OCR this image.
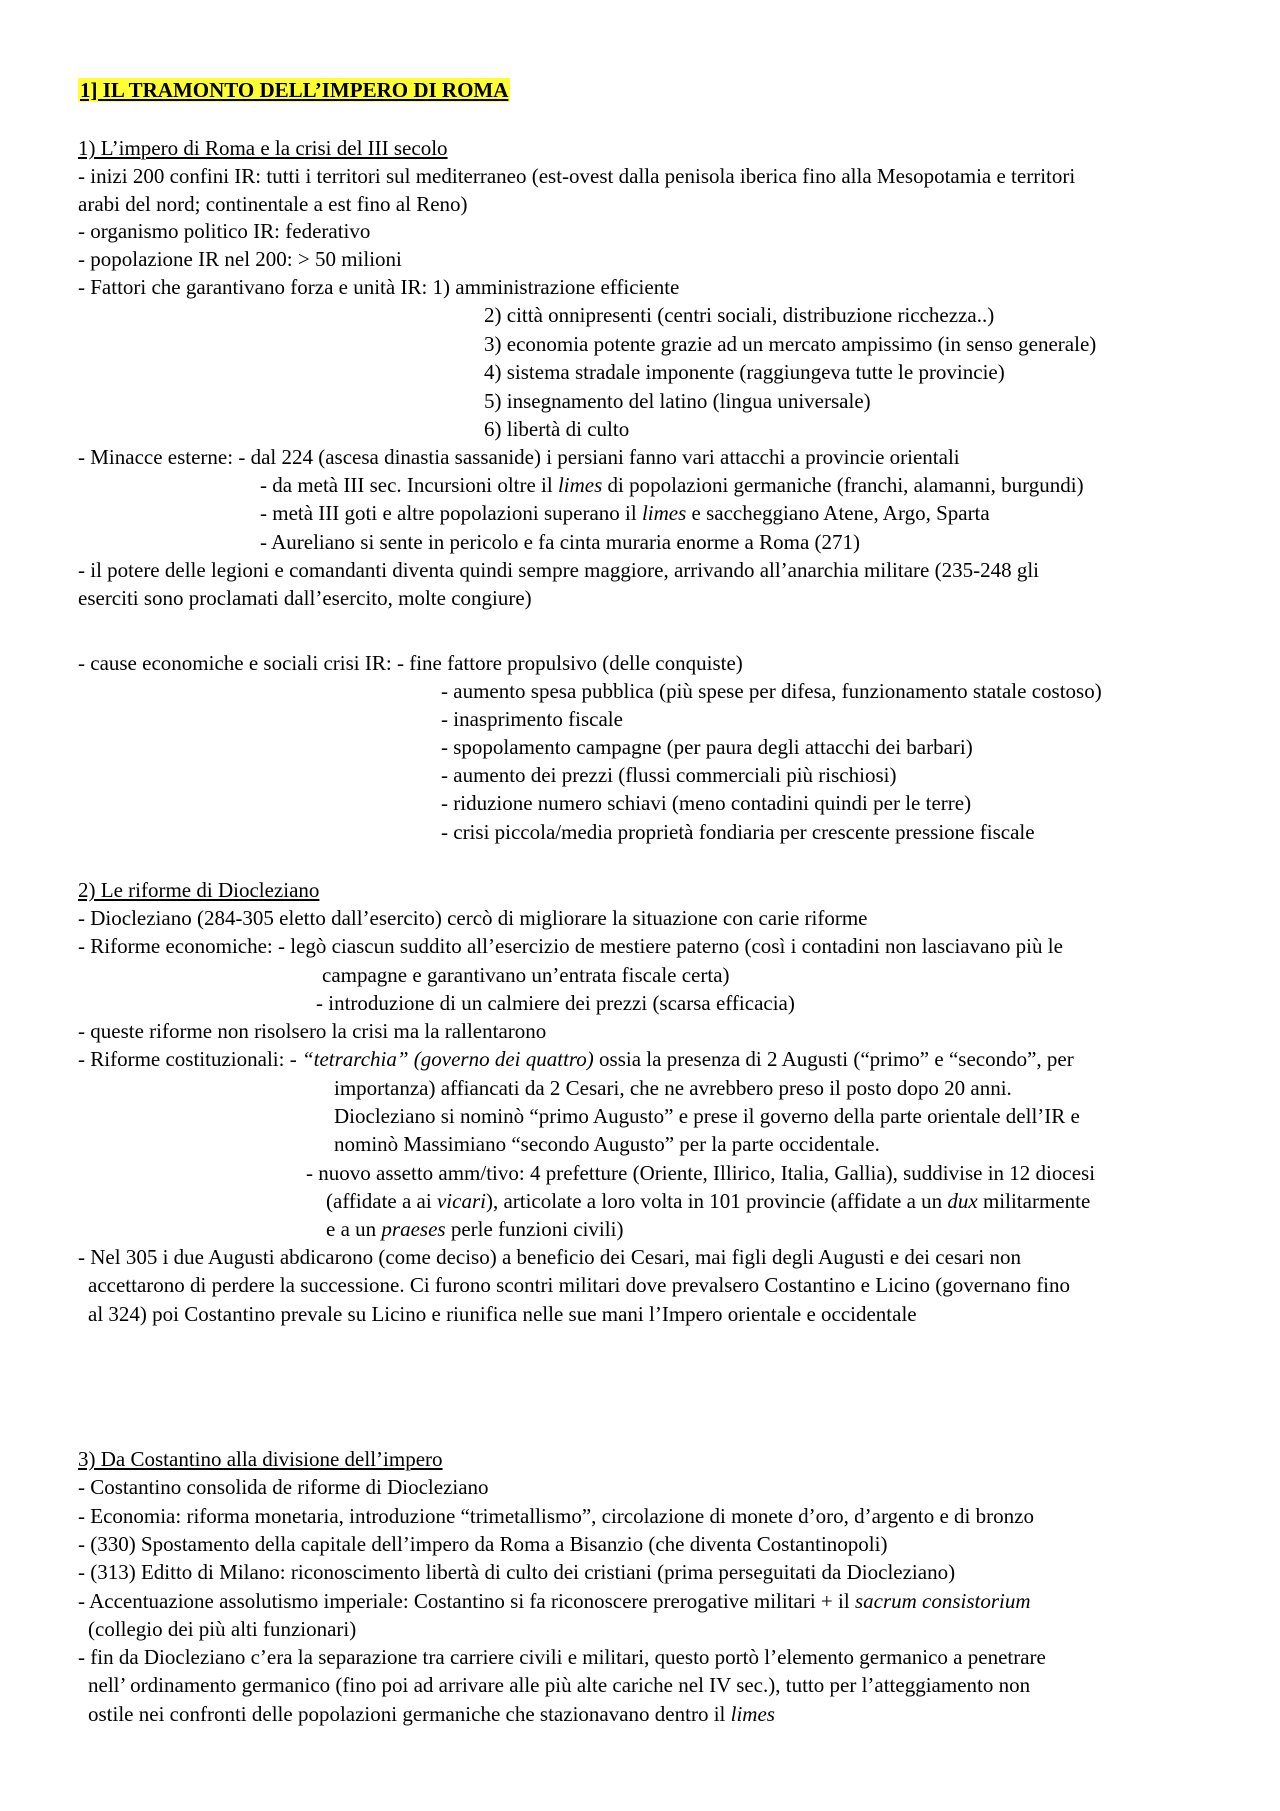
1] IL TRAMONTO DELL’IMPERO DI ROMA
1) L’impero di Roma e la crisi del III secolo
- inizi 200 confini IR: tutti i territori sul mediterraneo (est-ovest dalla penisola iberica fino alla Mesopotamia e territori
arabi del nord; continentale a est fino al Reno)
- organismo politico IR: federativo
- popolazione IR nel 200: > 50 milioni
- Fattori che garantivano forza e unità IR: 1) amministrazione efficiente
2) città onnipresenti (centri sociali, distribuzione ricchezza..)
3) economia potente grazie ad un mercato ampissimo (in senso generale)
4) sistema stradale imponente (raggiungeva tutte le provincie)
5) insegnamento del latino (lingua universale)
6) libertà di culto
- Minacce esterne: - dal 224 (ascesa dinastia sassanide) i persiani fanno vari attacchi a provincie orientali
- da metà III sec. Incursioni oltre il limes di popolazioni germaniche (franchi, alamanni, burgundi)
- metà III goti e altre popolazioni superano il limes e saccheggiano Atene, Argo, Sparta
- Aureliano si sente in pericolo e fa cinta muraria enorme a Roma (271)
- il potere delle legioni e comandanti diventa quindi sempre maggiore, arrivando all’anarchia militare (235-248 gli
eserciti sono proclamati dall’esercito, molte congiure)
- cause economiche e sociali crisi IR: - fine fattore propulsivo (delle conquiste)
- aumento spesa pubblica (più spese per difesa, funzionamento statale costoso)
- inasprimento fiscale
- spopolamento campagne (per paura degli attacchi dei barbari)
- aumento dei prezzi (flussi commerciali più rischiosi)
- riduzione numero schiavi (meno contadini quindi per le terre)
- crisi piccola/media proprietà fondiaria per crescente pressione fiscale
2) Le riforme di Diocleziano
- Diocleziano (284-305 eletto dall’esercito) cercò di migliorare la situazione con carie riforme
- Riforme economiche: - legò ciascun suddito all’esercizio de mestiere paterno (così i contadini non lasciavano più le
campagne e garantivano un’entrata fiscale certa)
- introduzione di un calmiere dei prezzi (scarsa efficacia)
- queste riforme non risolsero la crisi ma la rallentarono
- Riforme costituzionali: - “tetrarchia” (governo dei quattro) ossia la presenza di 2 Augusti (“primo” e “secondo”, per
importanza) affiancati da 2 Cesari, che ne avrebbero preso il posto dopo 20 anni.
Diocleziano si nominò “primo Augusto” e prese il governo della parte orientale dell’IR e
nominò Massimiano “secondo Augusto” per la parte occidentale.
- nuovo assetto amm/tivo: 4 prefetture (Oriente, Illirico, Italia, Gallia), suddivise in 12 diocesi
(affidate a ai vicari), articolate a loro volta in 101 provincie (affidate a un dux militarmente
e a un praeses perle funzioni civili)
- Nel 305 i due Augusti abdicarono (come deciso) a beneficio dei Cesari, mai figli degli Augusti e dei cesari non
accettarono di perdere la successione. Ci furono scontri militari dove prevalsero Costantino e Licino (governano fino
al 324) poi Costantino prevale su Licino e riunifica nelle sue mani l’Impero orientale e occidentale
3) Da Costantino alla divisione dell’impero
- Costantino consolida de riforme di Diocleziano
- Economia: riforma monetaria, introduzione “trimetallismo”, circolazione di monete d’oro, d’argento e di bronzo
- (330) Spostamento della capitale dell’impero da Roma a Bisanzio (che diventa Costantinopoli)
- (313) Editto di Milano: riconoscimento libertà di culto dei cristiani (prima perseguitati da Diocleziano)
- Accentuazione assolutismo imperiale: Costantino si fa riconoscere prerogative militari + il sacrum consistorium
(collegio dei più alti funzionari)
- fin da Diocleziano c’era la separazione tra carriere civili e militari, questo portò l’elemento germanico a penetrare
nell’ ordinamento germanico (fino poi ad arrivare alle più alte cariche nel IV sec.), tutto per l’atteggiamento non
ostile nei confronti delle popolazioni germaniche che stazionavano dentro il limes
